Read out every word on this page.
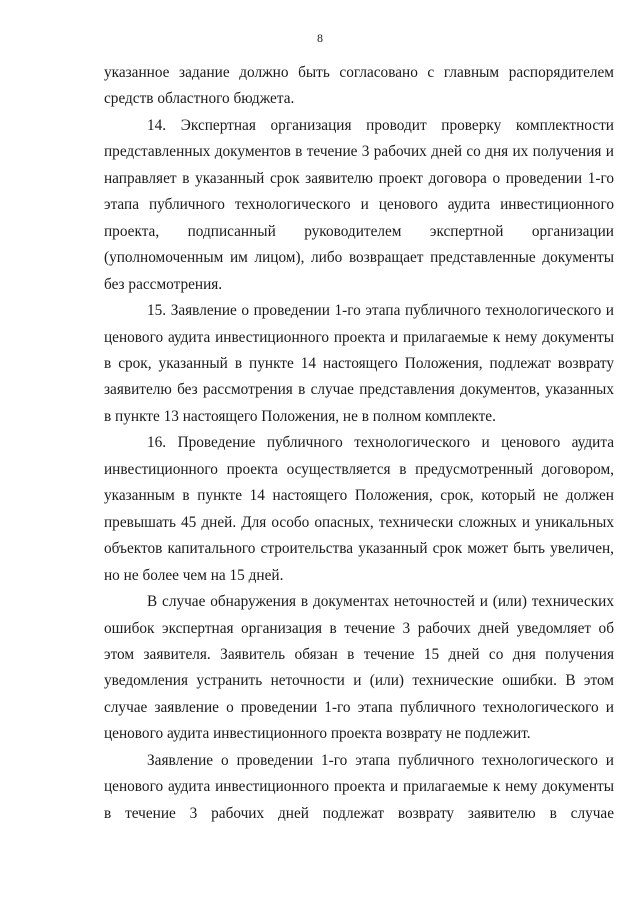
8

указанное задание должно быть согласовано с главным распорядителем средств областного бюджета.

14. Экспертная организация проводит проверку комплектности представленных документов в течение 3 рабочих дней со дня их получения и направляет в указанный срок заявителю проект договора о проведении 1-го этапа публичного технологического и ценового аудита инвестиционного проекта, подписанный руководителем экспертной организации (уполномоченным им лицом), либо возвращает представленные документы без рассмотрения.

15. Заявление о проведении 1-го этапа публичного технологического и ценового аудита инвестиционного проекта и прилагаемые к нему документы в срок, указанный в пункте 14 настоящего Положения, подлежат возврату заявителю без рассмотрения в случае представления документов, указанных в пункте 13 настоящего Положения, не в полном комплекте.

16. Проведение публичного технологического и ценового аудита инвестиционного проекта осуществляется в предусмотренный договором, указанным в пункте 14 настоящего Положения, срок, который не должен превышать 45 дней. Для особо опасных, технически сложных и уникальных объектов капитального строительства указанный срок может быть увеличен, но не более чем на 15 дней.

В случае обнаружения в документах неточностей и (или) технических ошибок экспертная организация в течение 3 рабочих дней уведомляет об этом заявителя. Заявитель обязан в течение 15 дней со дня получения уведомления устранить неточности и (или) технические ошибки. В этом случае заявление о проведении 1-го этапа публичного технологического и ценового аудита инвестиционного проекта возврату не подлежит.

Заявление о проведении 1-го этапа публичного технологического и ценового аудита инвестиционного проекта и прилагаемые к нему документы в течение 3 рабочих дней подлежат возврату заявителю в случае
